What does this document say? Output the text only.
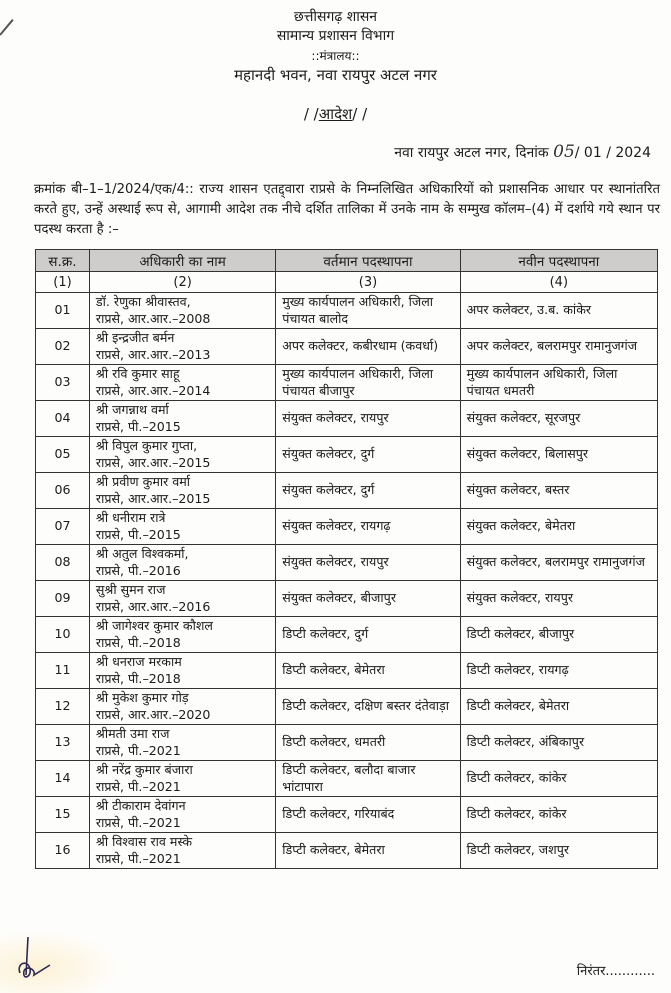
छत्तीसगढ़ शासन
सामान्य प्रशासन विभाग
::मंत्रालय::
महानदी भवन, नवा रायपुर अटल नगर
/ /आदेश/ /
नवा रायपुर अटल नगर, दिनांक 05/ 01 / 2024
क्रमांक बी–1–1/2024/एक/4:: राज्य शासन एतद्द्वारा राप्रसे के निम्नलिखित अधिकारियों को प्रशासनिक आधार पर स्थानांतरित करते हुए, उन्हें अस्थाई रूप से, आगामी आदेश तक नीचे दर्शित तालिका में उनके नाम के सम्मुख कॉलम–(4) में दर्शाये गये स्थान पर पदस्थ करता है :–
स.क्र.	अधिकारी का नाम	वर्तमान पदस्थापना	नवीन पदस्थापना
(1)	(2)	(3)	(4)
01	डॉ. रेणुका श्रीवास्तव,
राप्रसे, आर.आर.–2008	मुख्य कार्यपालन अधिकारी, जिला पंचायत बालोद	अपर कलेक्टर, उ.ब. कांकेर
02	श्री इन्द्रजीत बर्मन
राप्रसे, आर.आर.–2013	अपर कलेक्टर, कबीरधाम (कवर्धा)	अपर कलेक्टर, बलरामपुर रामानुजगंज
03	श्री रवि कुमार साहू
राप्रसे, आर.आर.–2014	मुख्य कार्यपालन अधिकारी, जिला पंचायत बीजापुर	मुख्य कार्यपालन अधिकारी, जिला पंचायत धमतरी
04	श्री जगन्नाथ वर्मा
राप्रसे, पी.–2015	संयुक्त कलेक्टर, रायपुर	संयुक्त कलेक्टर, सूरजपुर
05	श्री विपुल कुमार गुप्ता,
राप्रसे, आर.आर.–2015	संयुक्त कलेक्टर, दुर्ग	संयुक्त कलेक्टर, बिलासपुर
06	श्री प्रवीण कुमार वर्मा
राप्रसे, आर.आर.–2015	संयुक्त कलेक्टर, दुर्ग	संयुक्त कलेक्टर, बस्तर
07	श्री धनीराम रात्रे
राप्रसे, पी.–2015	संयुक्त कलेक्टर, रायगढ़	संयुक्त कलेक्टर, बेमेतरा
08	श्री अतुल विश्वकर्मा,
राप्रसे, पी.–2016	संयुक्त कलेक्टर, रायपुर	संयुक्त कलेक्टर, बलरामपुर रामानुजगंज
09	सुश्री सुमन राज
राप्रसे, आर.आर.–2016	संयुक्त कलेक्टर, बीजापुर	संयुक्त कलेक्टर, रायपुर
10	श्री जागेश्वर कुमार कौशल
राप्रसे, पी.–2018	डिप्टी कलेक्टर, दुर्ग	डिप्टी कलेक्टर, बीजापुर
11	श्री धनराज मरकाम
राप्रसे, पी.–2018	डिप्टी कलेक्टर, बेमेतरा	डिप्टी कलेक्टर, रायगढ़
12	श्री मुकेश कुमार गोड़
राप्रसे, आर.आर.–2020	डिप्टी कलेक्टर, दक्षिण बस्तर दंतेवाड़ा	डिप्टी कलेक्टर, बेमेतरा
13	श्रीमती उमा राज
राप्रसे, पी.–2021	डिप्टी कलेक्टर, धमतरी	डिप्टी कलेक्टर, अंबिकापुर
14	श्री नरेंद्र कुमार बंजारा
राप्रसे, पी.–2021	डिप्टी कलेक्टर, बलौदा बाजार भांटापारा	डिप्टी कलेक्टर, कांकेर
15	श्री टीकाराम देवांगन
राप्रसे, पी.–2021	डिप्टी कलेक्टर, गरियाबंद	डिप्टी कलेक्टर, कांकेर
16	श्री विश्वास राव मस्के
राप्रसे, पी.–2021	डिप्टी कलेक्टर, बेमेतरा	डिप्टी कलेक्टर, जशपुर
निरंतर............
